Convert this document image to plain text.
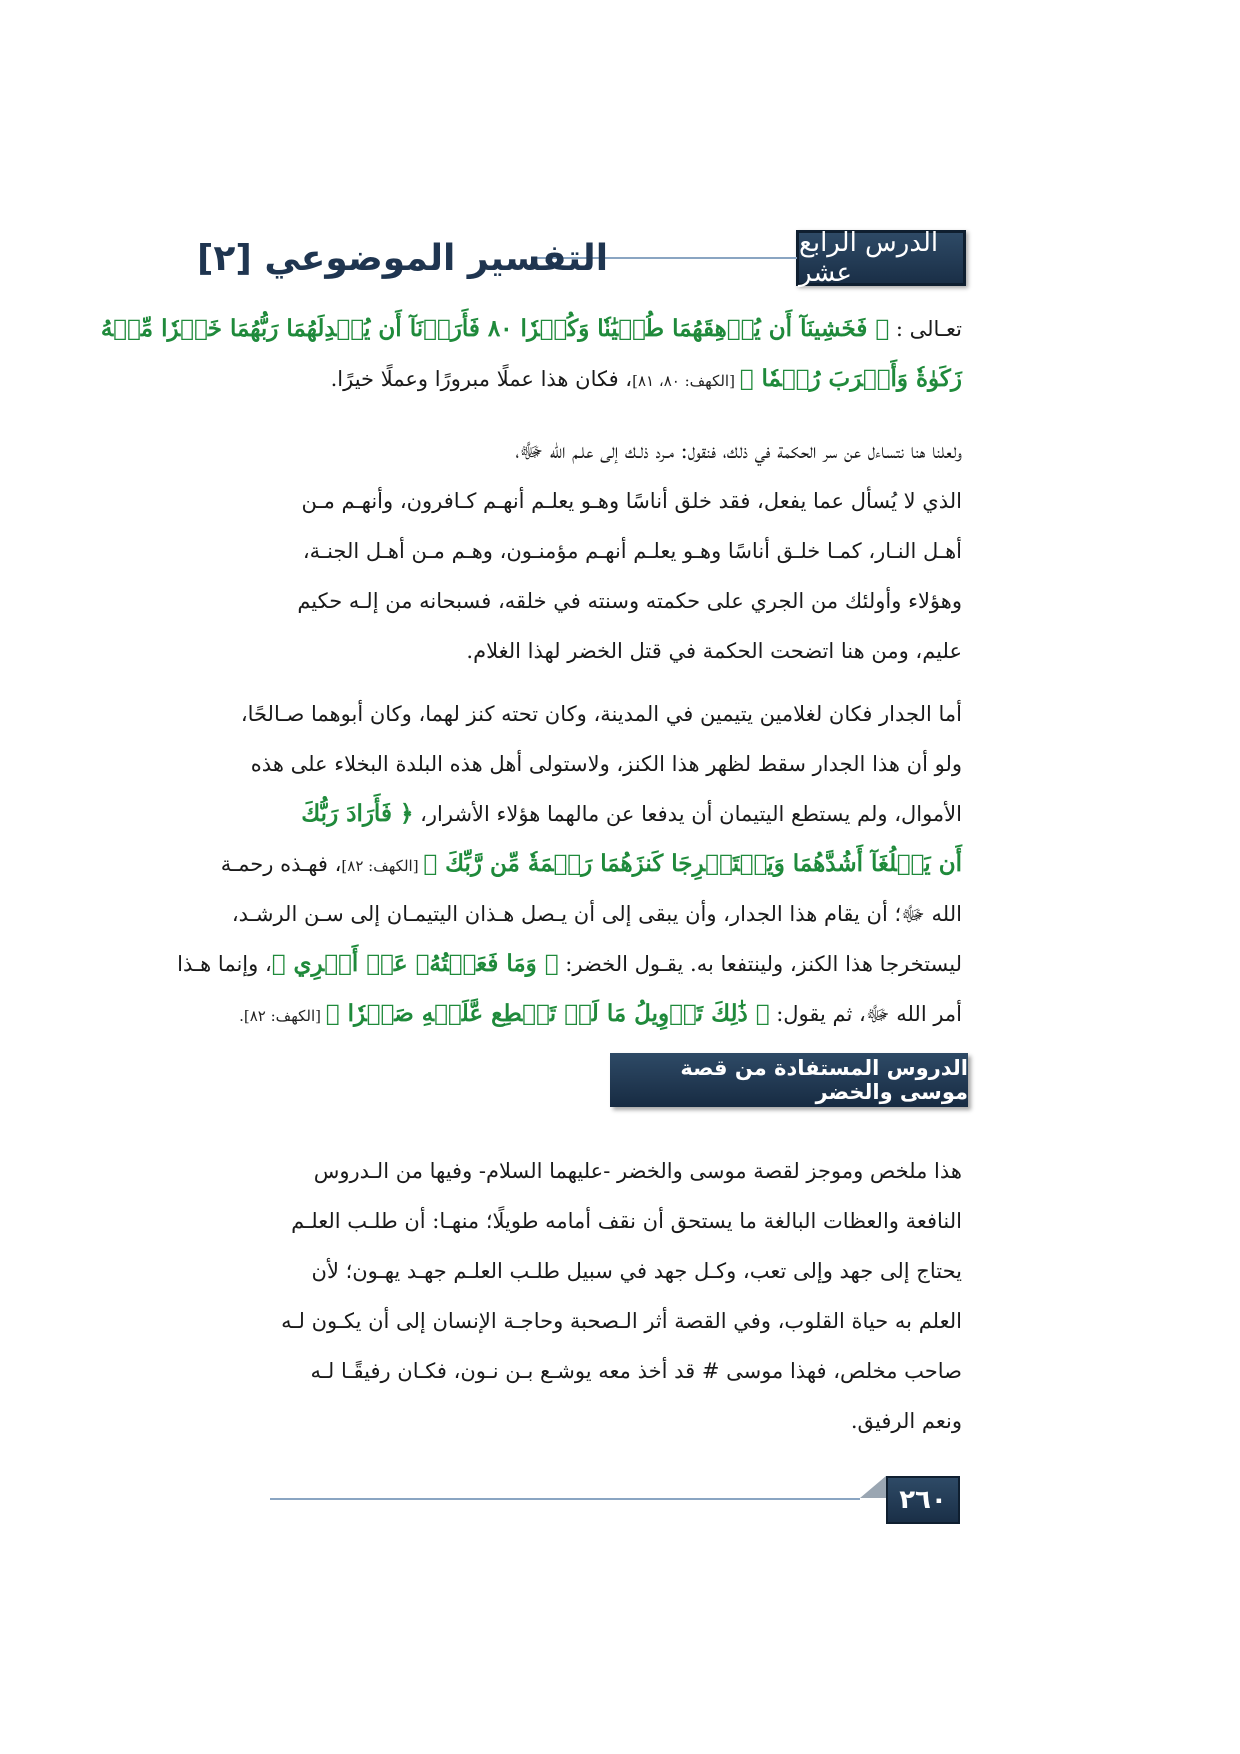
الدرس الرابع عشر
التفسير الموضوعي [٢]
تعـالى : ﴿ فَخَشِينَآ أَن يُرۡهِقَهُمَا طُغۡيَٰنٗا وَكُفۡرٗا ٨٠ فَأَرَدۡنَآ أَن يُبۡدِلَهُمَا رَبُّهُمَا خَيۡرٗا مِّنۡهُ
زَكَوٰةٗ وَأَقۡرَبَ رُحۡمٗا ﴾ [الكهف: ٨٠، ٨١]، فكان هذا عملًا مبرورًا وعملًا خيرًا.
ولعلنا هنا نتساءل عن سر الحكمة في ذلك، فنقول: مـرد ذلـك إلى علـم الله ﷻ،
الذي لا يُسأل عما يفعل، فقد خلق أناسًا وهـو يعلـم أنهـم كـافرون، وأنهـم مـن
أهـل النـار، كمـا خلـق أناسًا وهـو يعلـم أنهـم مؤمنـون، وهـم مـن أهـل الجنـة،
وهؤلاء وأولئك من الجري على حكمته وسنته في خلقه، فسبحانه من إلـه حكيم
عليم، ومن هنا اتضحت الحكمة في قتل الخضر لهذا الغلام.
أما الجدار فكان لغلامين يتيمين في المدينة، وكان تحته كنز لهما، وكان أبوهما صـالحًا،
ولو أن هذا الجدار سقط لظهر هذا الكنز، ولاستولى أهل هذه البلدة البخلاء على هذه
الأموال، ولم يستطع اليتيمان أن يدفعا عن مالهما هؤلاء الأشرار، ﴿ فَأَرَادَ رَبُّكَ
أَن يَبۡلُغَآ أَشُدَّهُمَا وَيَسۡتَخۡرِجَا كَنزَهُمَا رَحۡمَةٗ مِّن رَّبِّكَ ﴾ [الكهف: ٨٢]، فهـذه رحمـة
الله ﷻ؛ أن يقام هذا الجدار، وأن يبقى إلى أن يـصل هـذان اليتيمـان إلى سـن الرشـد،
ليستخرجا هذا الكنز، ولينتفعا به. يقـول الخضر: ﴿ وَمَا فَعَلۡتُهُۥ عَنۡ أَمۡرِي ﴾، وإنما هـذا
أمر الله ﷻ، ثم يقول: ﴿ ذَٰلِكَ تَأۡوِيلُ مَا لَمۡ تَسۡطِع عَّلَيۡهِ صَبۡرٗا ﴾ [الكهف: ٨٢].
الدروس المستفادة من قصة موسى والخضر
هذا ملخص وموجز لقصة موسى والخضر -عليهما السلام- وفيها من الـدروس
النافعة والعظات البالغة ما يستحق أن نقف أمامه طويلًا؛ منهـا: أن طلـب العلـم
يحتاج إلى جهد وإلى تعب، وكـل جهد في سبيل طلـب العلـم جهـد يهـون؛ لأن
العلم به حياة القلوب، وفي القصة أثر الـصحبة وحاجـة الإنسان إلى أن يكـون لـه
صاحب مخلص، فهذا موسى # قد أخذ معه يوشـع بـن نـون، فكـان رفيقًـا لـه
ونعم الرفيق.
٢٦٠
